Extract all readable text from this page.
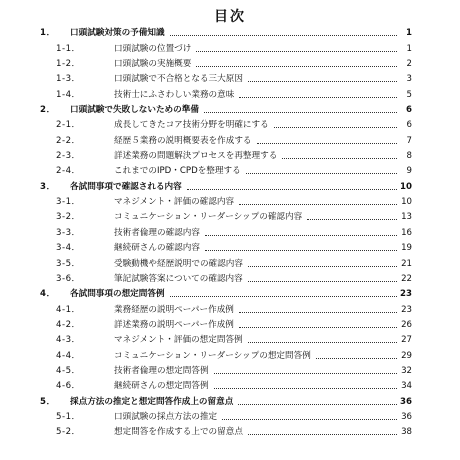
目次
1．	口頭試験対策の予備知識	1
1-1．	口頭試験の位置づけ	1
1-2．	口頭試験の実施概要	2
1-3．	口頭試験で不合格となる三大原因	3
1-4．	技術士にふさわしい業務の意味	5
2．	口頭試験で失敗しないための準備	6
2-1．	成長してきたコア技術分野を明確にする	6
2-2．	経歴５業務の説明概要表を作成する	7
2-3．	詳述業務の問題解決プロセスを再整理する	8
2-4．	これまでのIPD・CPDを整理する	9
3．	各試問事項で確認される内容	10
3-1．	マネジメント・評価の確認内容	10
3-2．	コミュニケーション・リーダーシップの確認内容	13
3-3．	技術者倫理の確認内容	16
3-4．	継続研さんの確認内容	19
3-5．	受験動機や経歴説明での確認内容	21
3-6．	筆記試験答案についての確認内容	22
4．	各試問事項の想定問答例	23
4-1．	業務経歴の説明ペーパー作成例	23
4-2．	詳述業務の説明ペーパー作成例	26
4-3．	マネジメント・評価の想定問答例	27
4-4．	コミュニケーション・リーダーシップの想定問答例	29
4-5．	技術者倫理の想定問答例	32
4-6．	継続研さんの想定問答例	34
5．	採点方法の推定と想定問答作成上の留意点	36
5-1．	口頭試験の採点方法の推定	36
5-2．	想定問答を作成する上での留意点	38
